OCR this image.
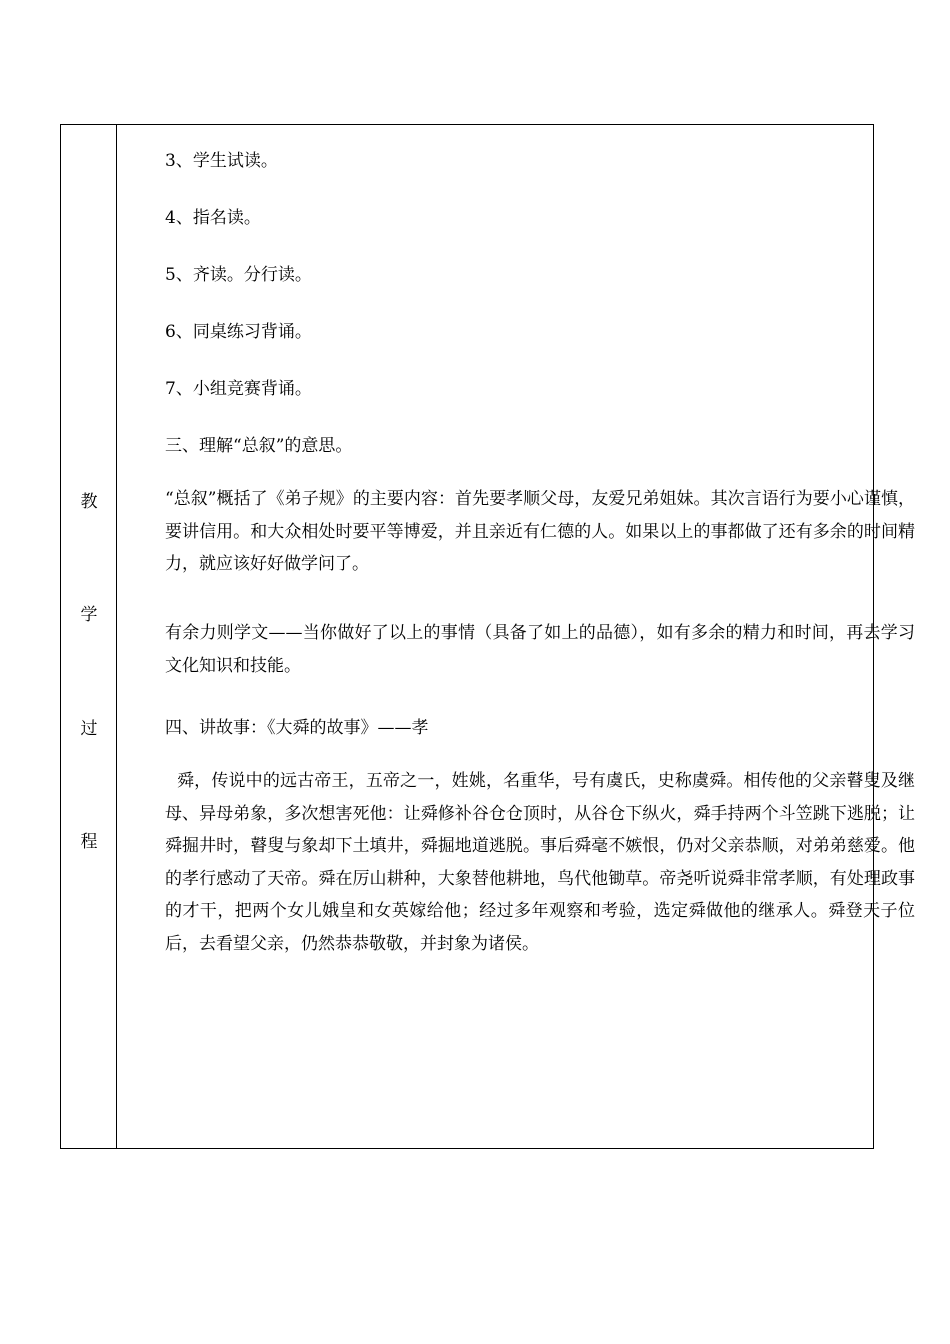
教
学
过
程
3、学生试读。
4、指名读。
5、齐读。分行读。
6、同桌练习背诵。
7、小组竞赛背诵。
三、理解“总叙”的意思。
“总叙”概括了《弟子规》的主要内容：首先要孝顺父母，友爱兄弟姐妹。其次言语行为要小心谨慎，要讲信用。和大众相处时要平等博爱，并且亲近有仁德的人。如果以上的事都做了还有多余的时间精力，就应该好好做学问了。
有余力则学文——当你做好了以上的事情（具备了如上的品德），如有多余的精力和时间，再去学习文化知识和技能。
四、讲故事：《大舜的故事》——孝
舜，传说中的远古帝王，五帝之一，姓姚，名重华，号有虞氏，史称虞舜。相传他的父亲瞽叟及继母、异母弟象，多次想害死他：让舜修补谷仓仓顶时，从谷仓下纵火，舜手持两个斗笠跳下逃脱；让舜掘井时，瞽叟与象却下土填井，舜掘地道逃脱。事后舜毫不嫉恨，仍对父亲恭顺，对弟弟慈爱。他的孝行感动了天帝。舜在厉山耕种，大象替他耕地，鸟代他锄草。帝尧听说舜非常孝顺，有处理政事的才干，把两个女儿娥皇和女英嫁给他；经过多年观察和考验，选定舜做他的继承人。舜登天子位后，去看望父亲，仍然恭恭敬敬，并封象为诸侯。
